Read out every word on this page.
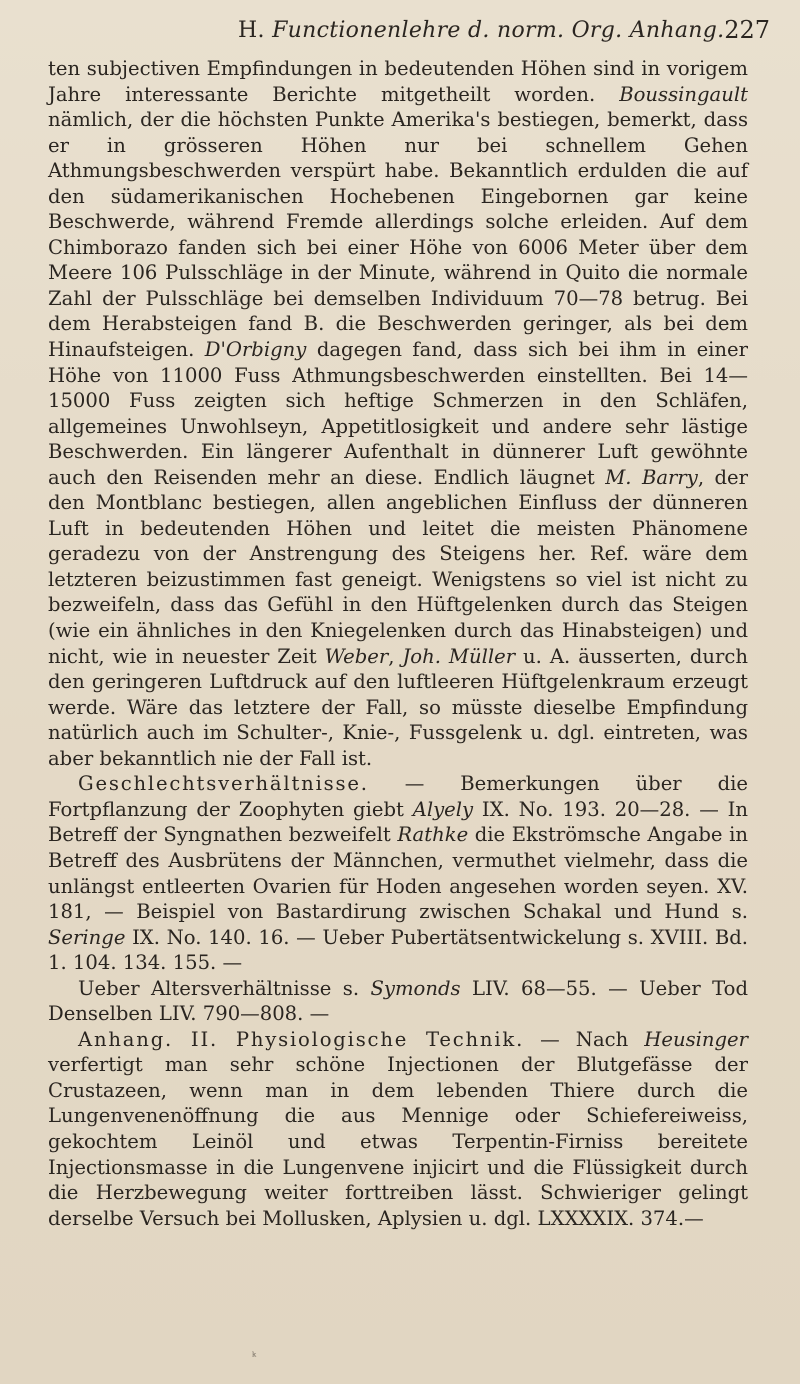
H. Functionenlehre d. norm. Org. Anhang. 227

ten subjectiven Empfindungen in bedeutenden Höhen sind in vorigem Jahre interessante Berichte mitgetheilt worden. Boussingault nämlich, der die höchsten Punkte Amerika's bestiegen, bemerkt, dass er in grösseren Höhen nur bei schnellem Gehen Athmungsbeschwerden verspürt habe. Bekanntlich erdulden die auf den südamerikanischen Hochebenen Eingebornen gar keine Beschwerde, während Fremde allerdings solche erleiden. Auf dem Chimborazo fanden sich bei einer Höhe von 6006 Meter über dem Meere 106 Pulsschläge in der Minute, während in Quito die normale Zahl der Pulsschläge bei demselben Individuum 70—78 betrug. Bei dem Herabsteigen fand B. die Beschwerden geringer, als bei dem Hinaufsteigen. D'Orbigny dagegen fand, dass sich bei ihm in einer Höhe von 11000 Fuss Athmungsbeschwerden einstellten. Bei 14—15000 Fuss zeigten sich heftige Schmerzen in den Schläfen, allgemeines Unwohlseyn, Appetitlosigkeit und andere sehr lästige Beschwerden. Ein längerer Aufenthalt in dünnerer Luft gewöhnte auch den Reisenden mehr an diese. Endlich läugnet M. Barry, der den Montblanc bestiegen, allen angeblichen Einfluss der dünneren Luft in bedeutenden Höhen und leitet die meisten Phänomene geradezu von der Anstrengung des Steigens her. Ref. wäre dem letzteren beizustimmen fast geneigt. Wenigstens so viel ist nicht zu bezweifeln, dass das Gefühl in den Hüftgelenken durch das Steigen (wie ein ähnliches in den Kniegelenken durch das Hinabsteigen) und nicht, wie in neuester Zeit Weber, Joh. Müller u. A. äusserten, durch den geringeren Luftdruck auf den luftleeren Hüftgelenkraum erzeugt werde. Wäre das letztere der Fall, so müsste dieselbe Empfindung natürlich auch im Schulter-, Knie-, Fussgelenk u. dgl. eintreten, was aber bekanntlich nie der Fall ist.

Geschlechtsverhältnisse. — Bemerkungen über die Fortpflanzung der Zoophyten giebt Alyely IX. No. 193. 20—28. — In Betreff der Syngnathen bezweifelt Rathke die Ekströmsche Angabe in Betreff des Ausbrütens der Männchen, vermuthet vielmehr, dass die unlängst entleerten Ovarien für Hoden angesehen worden seyen. XV. 181, — Beispiel von Bastardirung zwischen Schakal und Hund s. Seringe IX. No. 140. 16. — Ueber Pubertätsentwickelung s. XVIII. Bd. 1. 104. 134. 155. —

Ueber Altersverhältnisse s. Symonds LIV. 68—55. — Ueber Tod Denselben LIV. 790—808. —

Anhang. II. Physiologische Technik. — Nach Heusinger verfertigt man sehr schöne Injectionen der Blutgefässe der Crustazeen, wenn man in dem lebenden Thiere durch die Lungenvenenöffnung die aus Mennige oder Schiefereiweiss, gekochtem Leinöl und etwas Terpentin-Firniss bereitete Injectionsmasse in die Lungenvene injicirt und die Flüssigkeit durch die Herzbewegung weiter forttreiben lässt. Schwieriger gelingt derselbe Versuch bei Mollusken, Aplysien u. dgl. LXXXXIX. 374.—

ᵏ
